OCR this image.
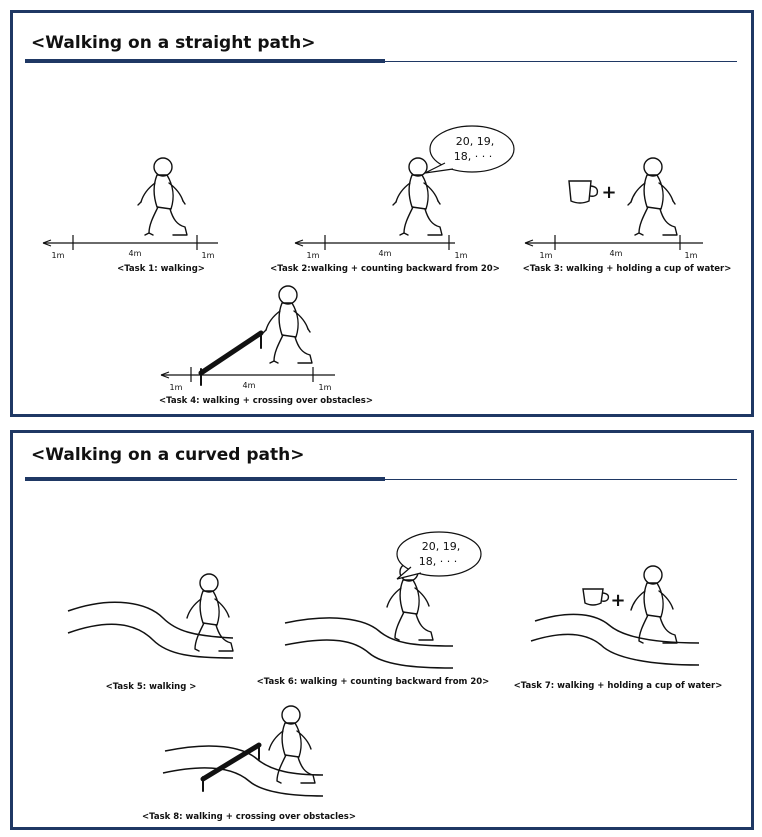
<Walking on a straight path>
1m	4m	1m
<Task 1: walking>
20, 19,
18, · · ·
1m	4m	1m
<Task 2:walking + counting backward from 20>
+
1m	4m	1m
<Task 3: walking + holding a cup of water>
1m	4m	1m
<Task 4: walking + crossing over obstacles>
<Walking on a curved path>
<Task 5: walking >
20, 19,
18, · · ·
<Task 6: walking + counting backward from 20>
+
<Task 7: walking + holding a cup of water>
<Task 8: walking + crossing over obstacles>
